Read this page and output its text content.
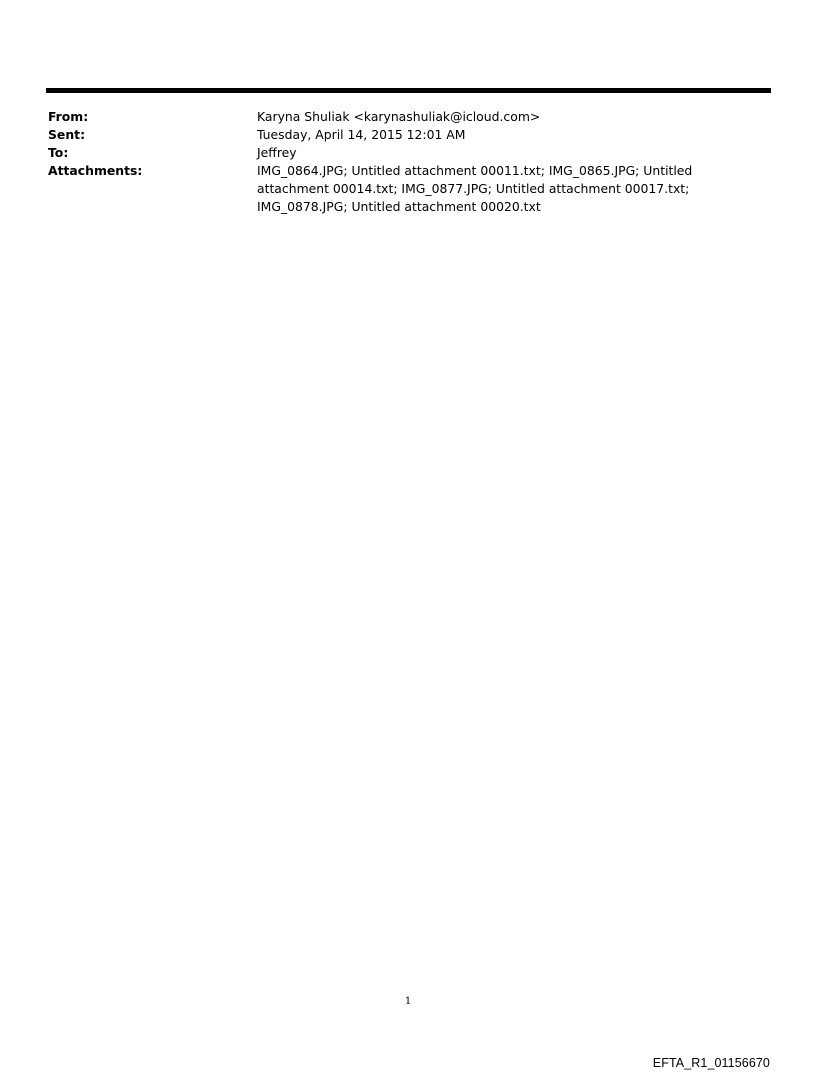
From:	Karyna Shuliak <karynashuliak@icloud.com>
Sent:	Tuesday, April 14, 2015 12:01 AM
To:	Jeffrey
Attachments:	IMG_0864.JPG; Untitled attachment 00011.txt; IMG_0865.JPG; Untitled attachment 00014.txt; IMG_0877.JPG; Untitled attachment 00017.txt; IMG_0878.JPG; Untitled attachment 00020.txt
1
EFTA_R1_01156670
